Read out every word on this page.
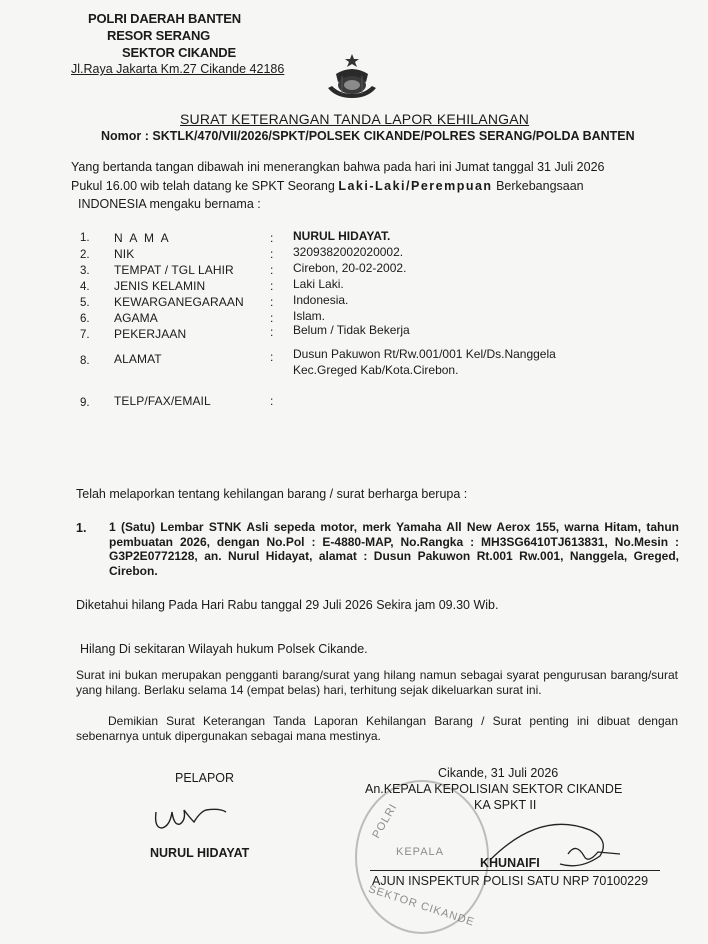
POLRI DAERAH BANTEN
RESOR SERANG
SEKTOR CIKANDE
Jl.Raya Jakarta Km.27 Cikande 42186
SURAT KETERANGAN TANDA LAPOR KEHILANGAN
Nomor : SKTLK/470/VII/2026/SPKT/POLSEK CIKANDE/POLRES SERANG/POLDA BANTEN
Yang bertanda tangan dibawah ini menerangkan bahwa pada hari ini Jumat tanggal 31 Juli 2026
Pukul 16.00 wib telah datang ke SPKT Seorang Laki-Laki/Perempuan Berkebangsaan
INDONESIA mengaku bernama :
1. N A M A	: NURUL HIDAYAT.
2. NIK	: 3209382002020002.
3. TEMPAT / TGL LAHIR	: Cirebon, 20-02-2002.
4. JENIS KELAMIN	: Laki Laki.
5. KEWARGANEGARAAN : Indonesia.
6. AGAMA	: Islam.
7. PEKERJAAN	: Belum / Tidak Bekerja
8. ALAMAT	: Dusun Pakuwon Rt/Rw.001/001 Kel/Ds.Nanggela
Kec.Greged Kab/Kota.Cirebon.
9. TELP/FAX/EMAIL	:
Telah melaporkan tentang kehilangan barang / surat berharga berupa :
1. 1 (Satu) Lembar STNK Asli sepeda motor, merk Yamaha All New Aerox 155, warna Hitam, tahun pembuatan 2026, dengan No.Pol : E-4880-MAP, No.Rangka : MH3SG6410TJ613831, No.Mesin : G3P2E0772128, an. Nurul Hidayat, alamat : Dusun Pakuwon Rt.001 Rw.001, Nanggela, Greged, Cirebon.
Diketahui hilang Pada Hari Rabu tanggal 29 Juli 2026 Sekira jam 09.30 Wib.
Hilang Di sekitaran Wilayah hukum Polsek Cikande.
Surat ini bukan merupakan pengganti barang/surat yang hilang namun sebagai syarat pengurusan barang/surat yang hilang. Berlaku selama 14 (empat belas) hari, terhitung sejak dikeluarkan surat ini.
Demikian Surat Keterangan Tanda Laporan Kehilangan Barang / Surat penting ini dibuat dengan sebenarnya untuk dipergunakan sebagai mana mestinya.
PELAPOR
NURUL HIDAYAT
POLRI
KEPALA
SEKTOR CIKANDE
Cikande, 31 Juli 2026
An.KEPALA KEPOLISIAN SEKTOR CIKANDE
KA SPKT II
KHUNAIFI
AJUN INSPEKTUR POLISI SATU NRP 70100229
